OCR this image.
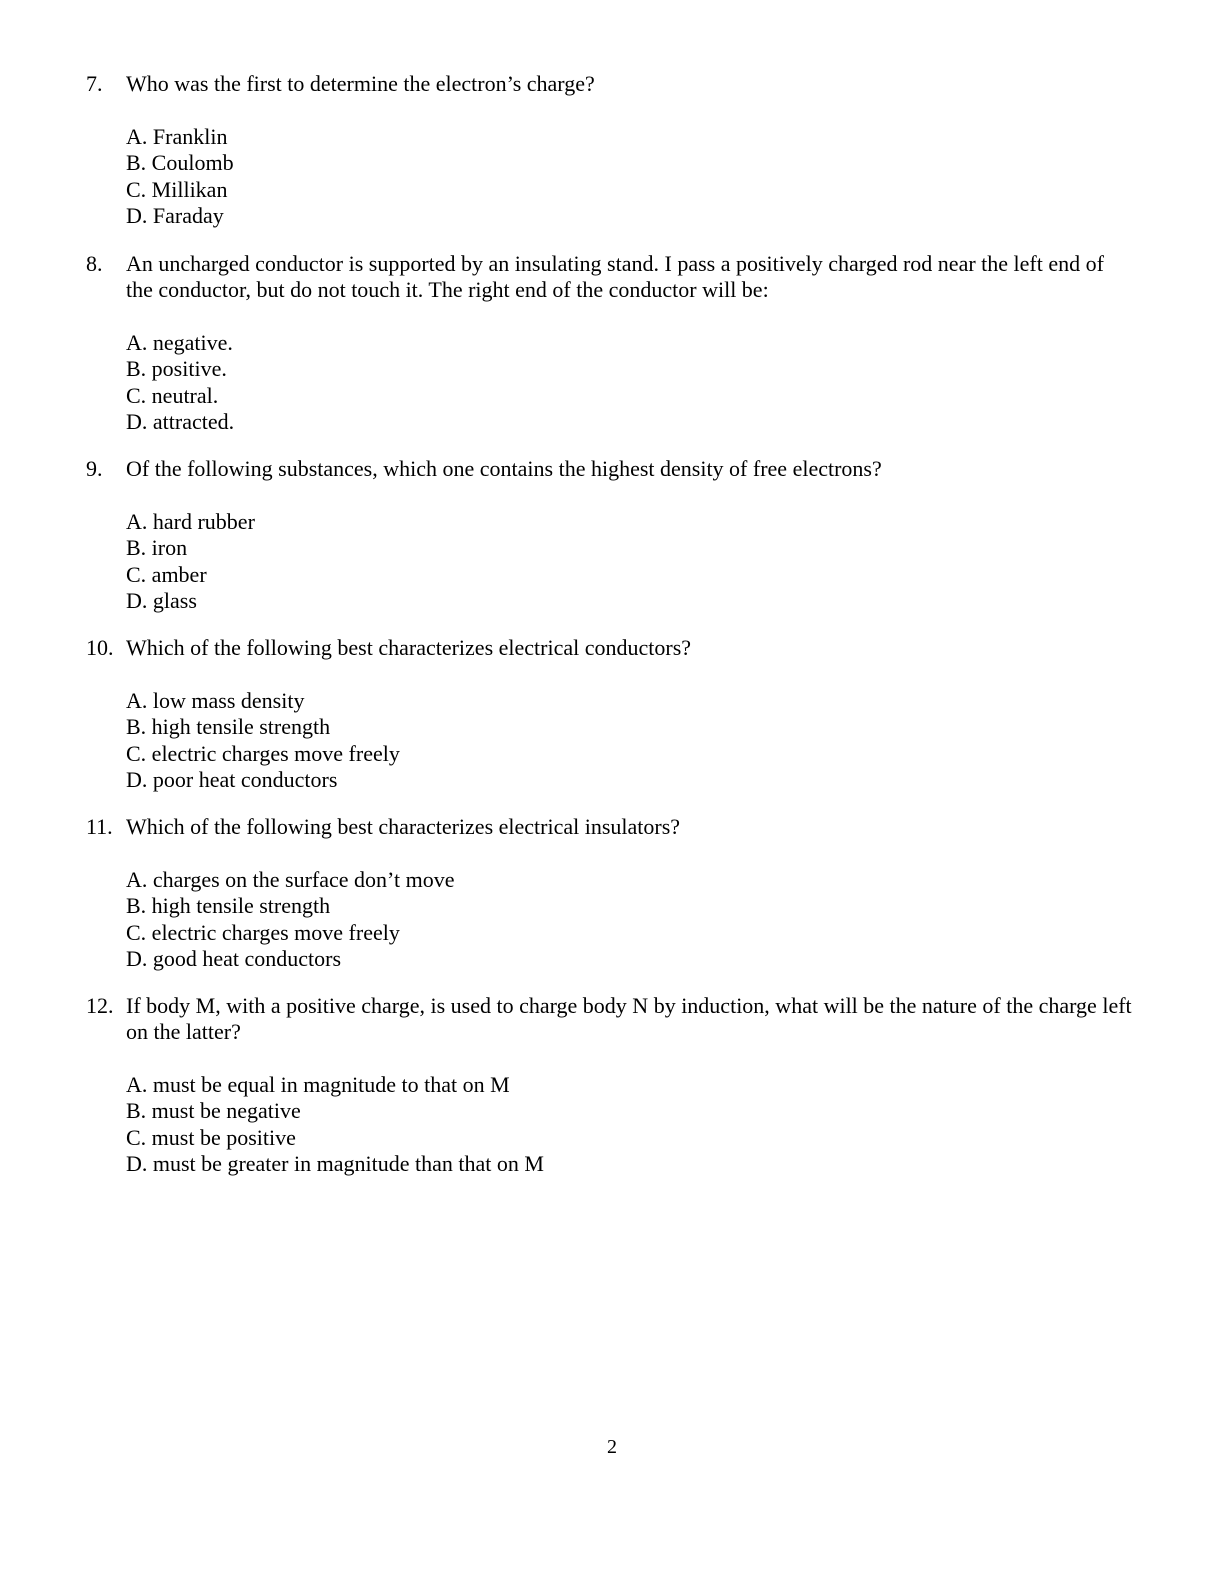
7.	Who was the first to determine the electron’s charge?
A. Franklin
B. Coulomb
C. Millikan
D. Faraday
8.	An uncharged conductor is supported by an insulating stand. I pass a positively charged rod near the left end of the conductor, but do not touch it. The right end of the conductor will be:
A. negative.
B. positive.
C. neutral.
D. attracted.
9.	Of the following substances, which one contains the highest density of free electrons?
A. hard rubber
B. iron
C. amber
D. glass
10. Which of the following best characterizes electrical conductors?
A. low mass density
B. high tensile strength
C. electric charges move freely
D. poor heat conductors
11. Which of the following best characterizes electrical insulators?
A. charges on the surface don’t move
B. high tensile strength
C. electric charges move freely
D. good heat conductors
12. If body M, with a positive charge, is used to charge body N by induction, what will be the nature of the charge left on the latter?
A. must be equal in magnitude to that on M
B. must be negative
C. must be positive
D. must be greater in magnitude than that on M
2
